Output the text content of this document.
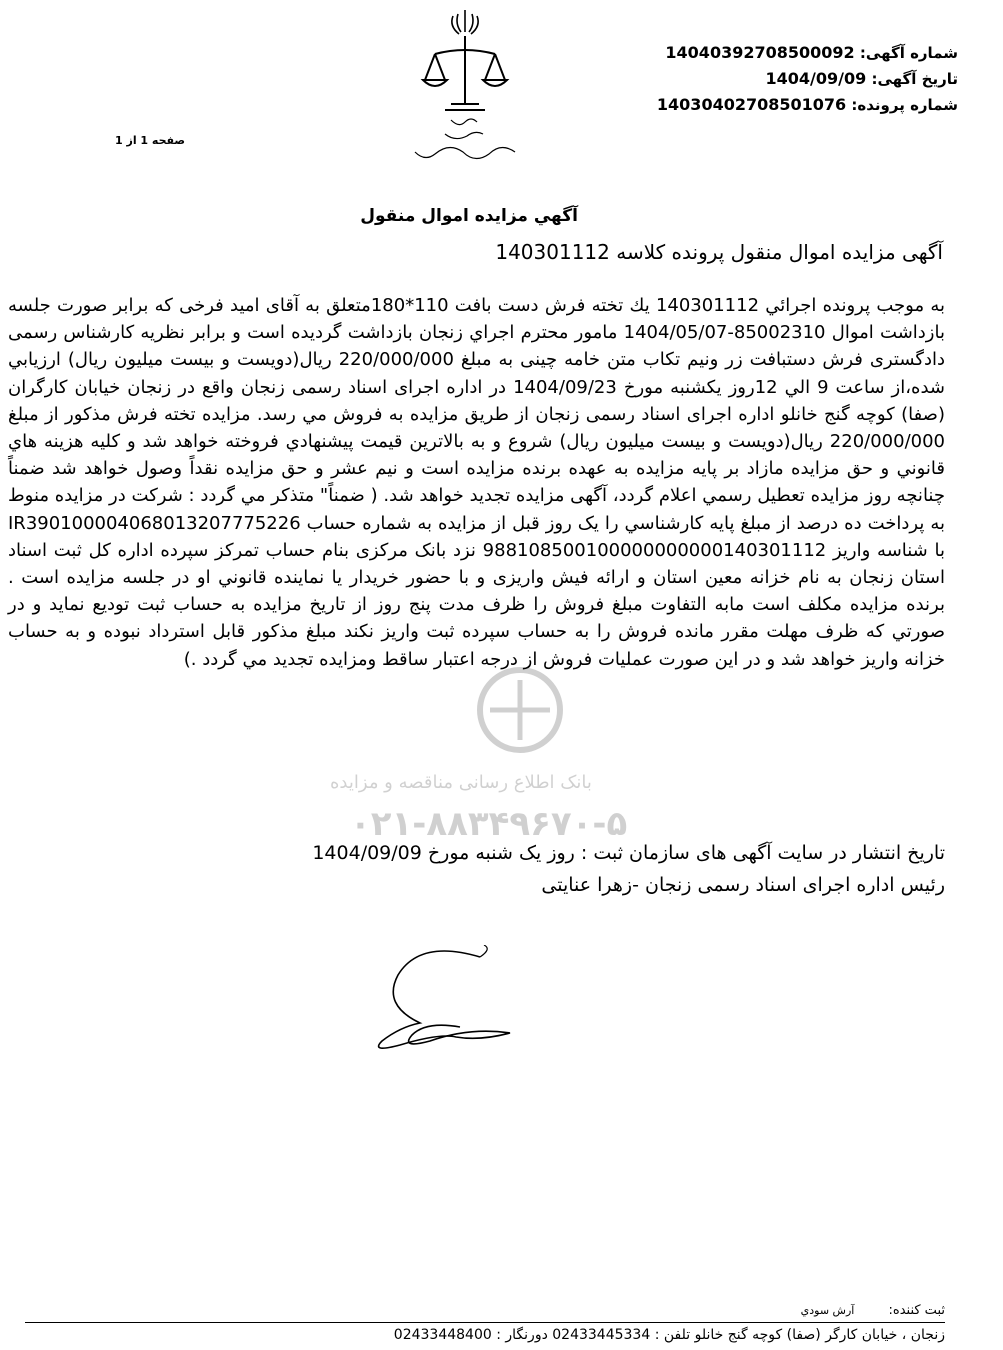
شماره آگهی: 14040392708500092
تاریخ آگهی: 1404/09/09
شماره پرونده: 14030402708501076
صفحه 1 از 1
آگهي مزايده اموال منقول
آگهی مزایده اموال منقول پرونده کلاسه 140301112
بانک اطلاع رسانی مناقصه و مزایده
۰۲۱-۸۸۳۴۹۶۷۰-۵
به موجب پرونده اجرائي 140301112 يك تخته فرش دست بافت 110*180متعلق به آقای امید فرخی که برابر صورت جلسه بازداشت اموال 85002310-1404/05/07 مامور محترم اجراي زنجان بازداشت گردیده است و برابر نظریه کارشناس رسمی دادگستری فرش دستبافت زر ونیم تکاب متن خامه چینی به مبلغ 220/000/000 ريال(دویست و بیست میلیون ریال) ارزيابي شده،از ساعت 9 الي 12روز يكشنبه مورخ 1404/09/23 در اداره اجرای اسناد رسمی زنجان واقع در زنجان خیابان کارگران (صفا) کوچه گنج خانلو اداره اجرای اسناد رسمی زنجان از طريق مزايده به فروش مي رسد. مزایده تخته فرش مذکور از مبلغ 220/000/000 ريال(دویست و بیست میلیون ریال) شروع و به بالاترين قيمت پيشنهادي فروخته خواهد شد و كليه هزينه هاي قانوني و حق مزايده مازاد بر پایه مزایده به عهده برنده مزايده است و نیم عشر و حق مزایده نقداً وصول خواهد شد ضمناً چنانچه روز مزايده تعطيل رسمي اعلام گردد، آگهی مزايده تجديد خواهد شد. ( ضمناً" متذكر مي گردد : شرکت در مزایده منوط به پرداخت ده درصد از مبلغ پایه کارشناسي را یک روز قبل از مزایده به شماره حساب IR390100004068013207775226 با شناسه واریز 988108500100000000000140301112 نزد بانک مرکزی بنام حساب تمرکز سپرده اداره کل ثبت اسناد استان زنجان به نام خزانه معین استان و ارائه فیش واریزی و با حضور خريدار يا نماينده قانوني او در جلسه مزايده است . برنده مزایده مکلف است مابه التفاوت مبلغ فروش را ظرف مدت پنج روز از تاريخ مزايده به حساب ثبت تودیع نماید و در صورتي كه ظرف مهلت مقرر مانده فروش را به حساب سپرده ثبت واریز نكند مبلغ مذكور قابل استرداد نبوده و به حساب خزانه واريز خواهد شد و در اين صورت عمليات فروش از درجه اعتبار ساقط ومزايده تجديد مي گردد .)
تاریخ انتشار در سایت آگهی های سازمان ثبت : روز یک شنبه مورخ 1404/09/09
رئیس اداره اجرای اسناد رسمی زنجان -زهرا عنایتی
ثبت کننده: آرش سودي
زنجان ، خیابان کارگر (صفا) کوچه گنج خانلو تلفن : 02433445334 دورنگار : 02433448400
